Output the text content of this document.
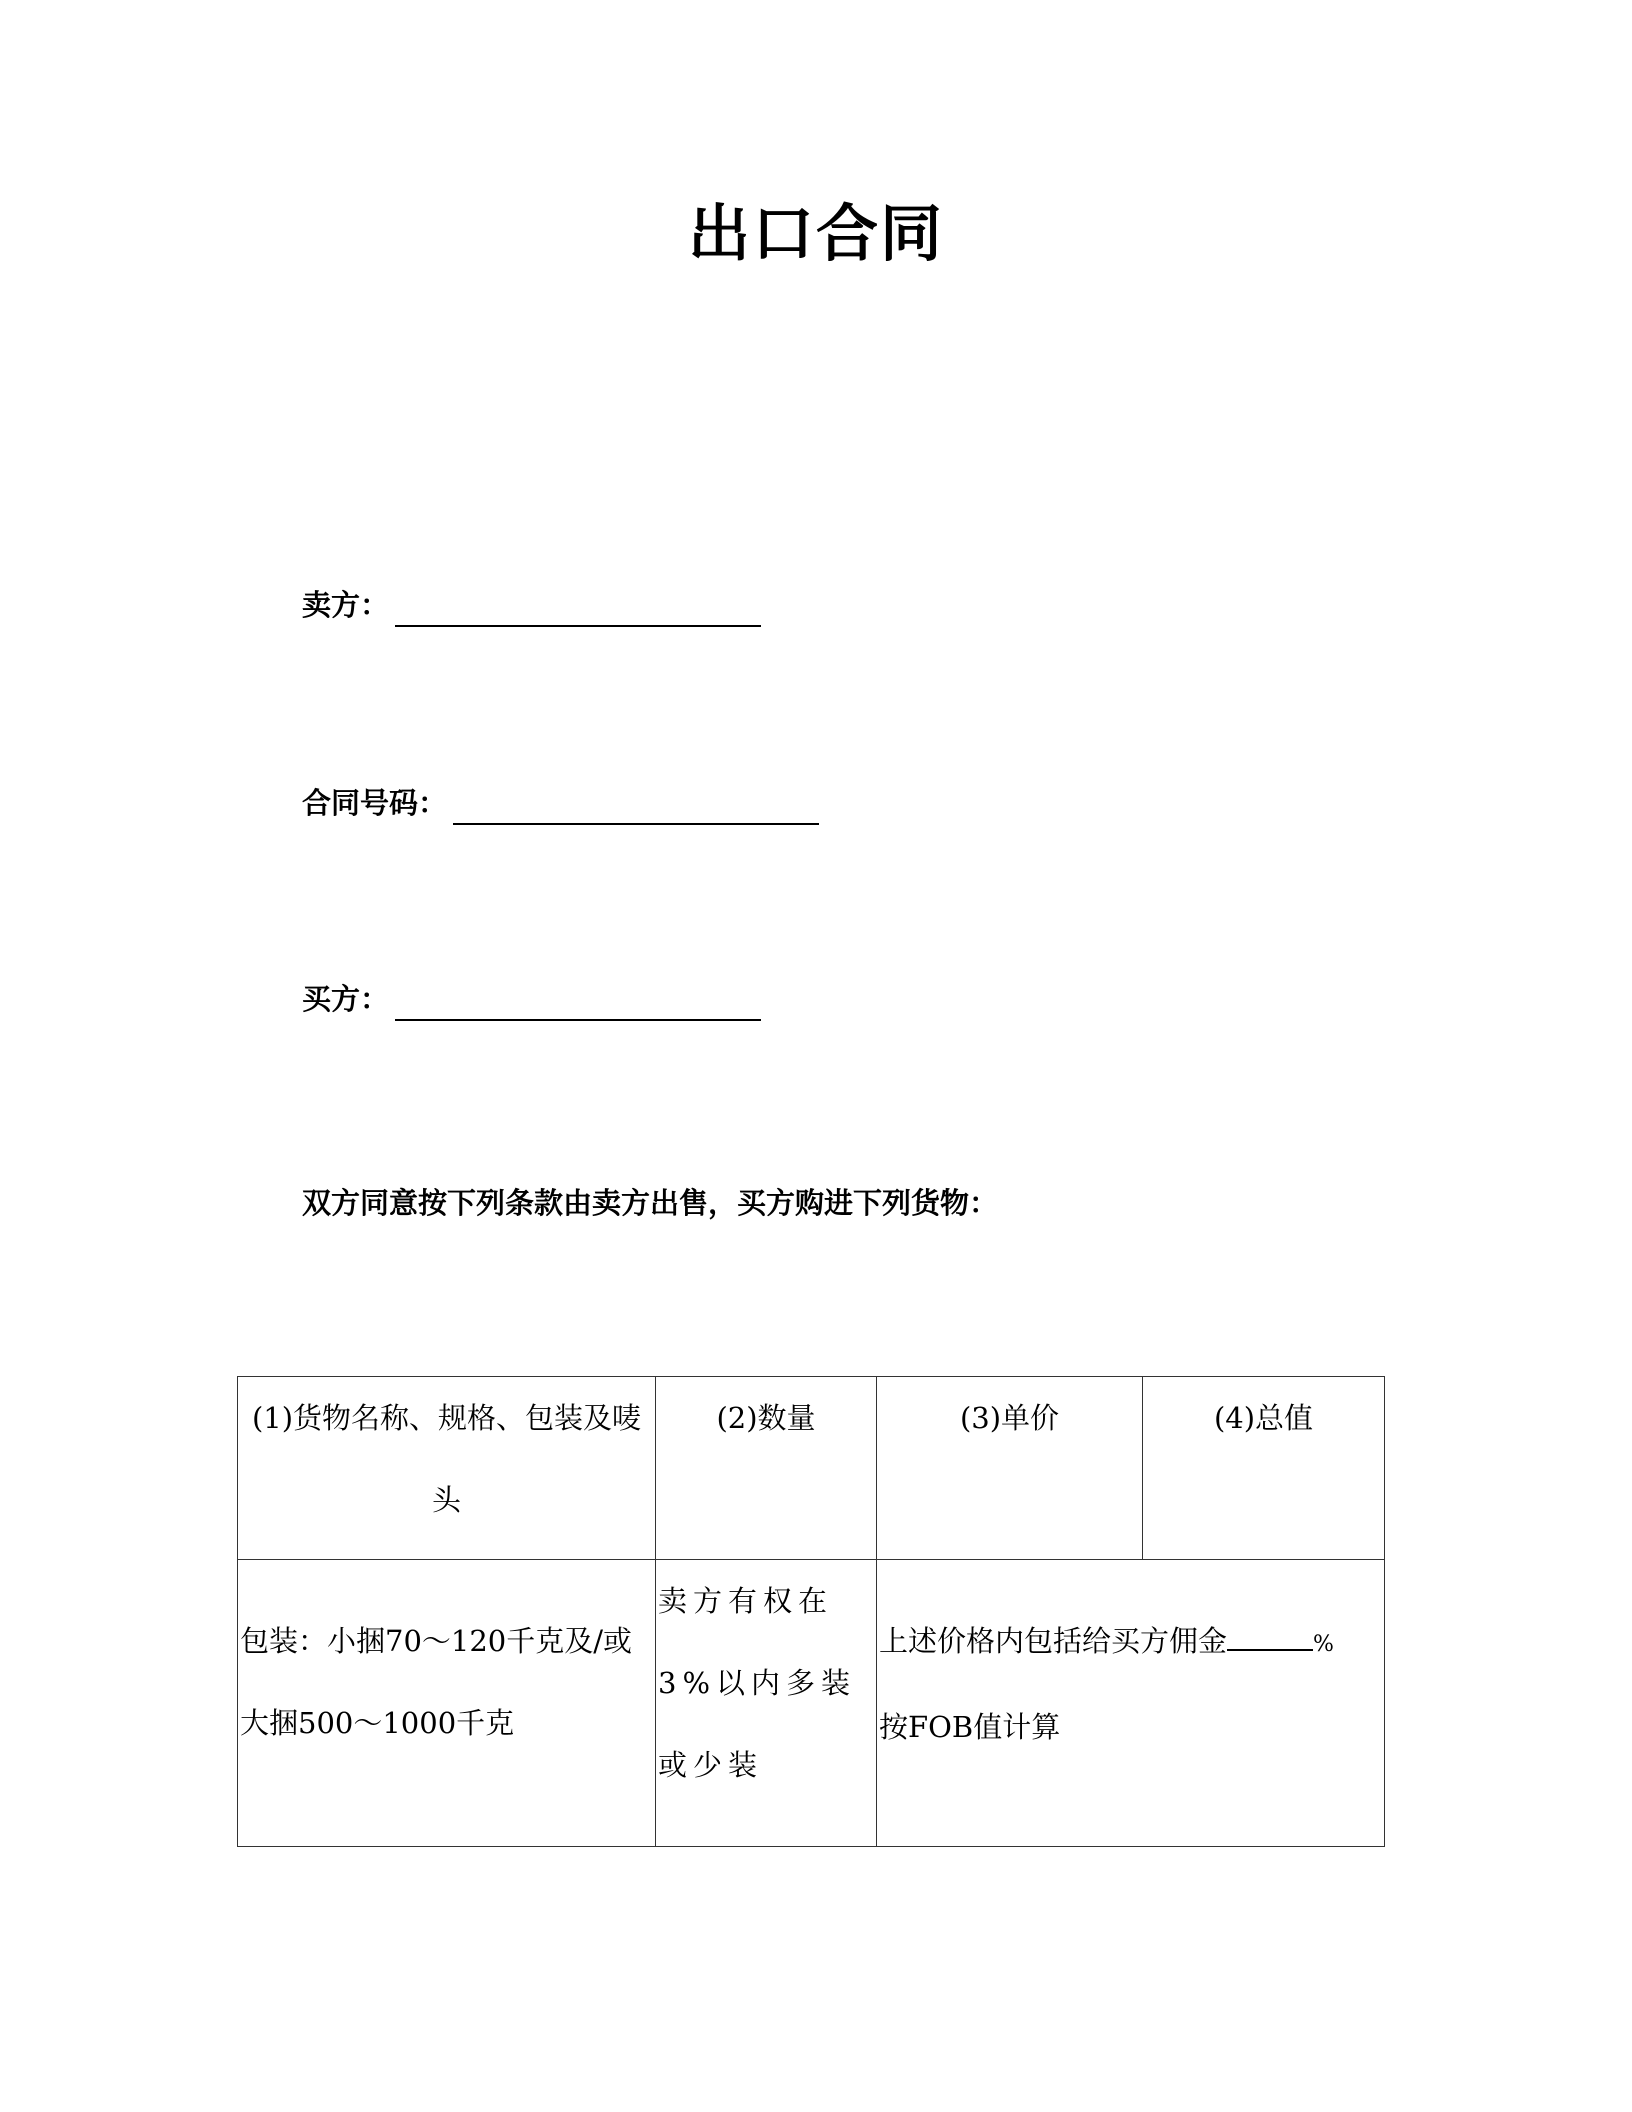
出口合同
卖方：
合同号码：
买方：
双方同意按下列条款由卖方出售，买方购进下列货物：
(1)货物名称、规格、包装及唛头	(2)数量	(3)单价	(4)总值
包装：小捆70～120千克及/或大捆500～1000千克	卖方有权在3%以内多装或少装	上述价格内包括给买方佣金 %
按FOB值计算	
